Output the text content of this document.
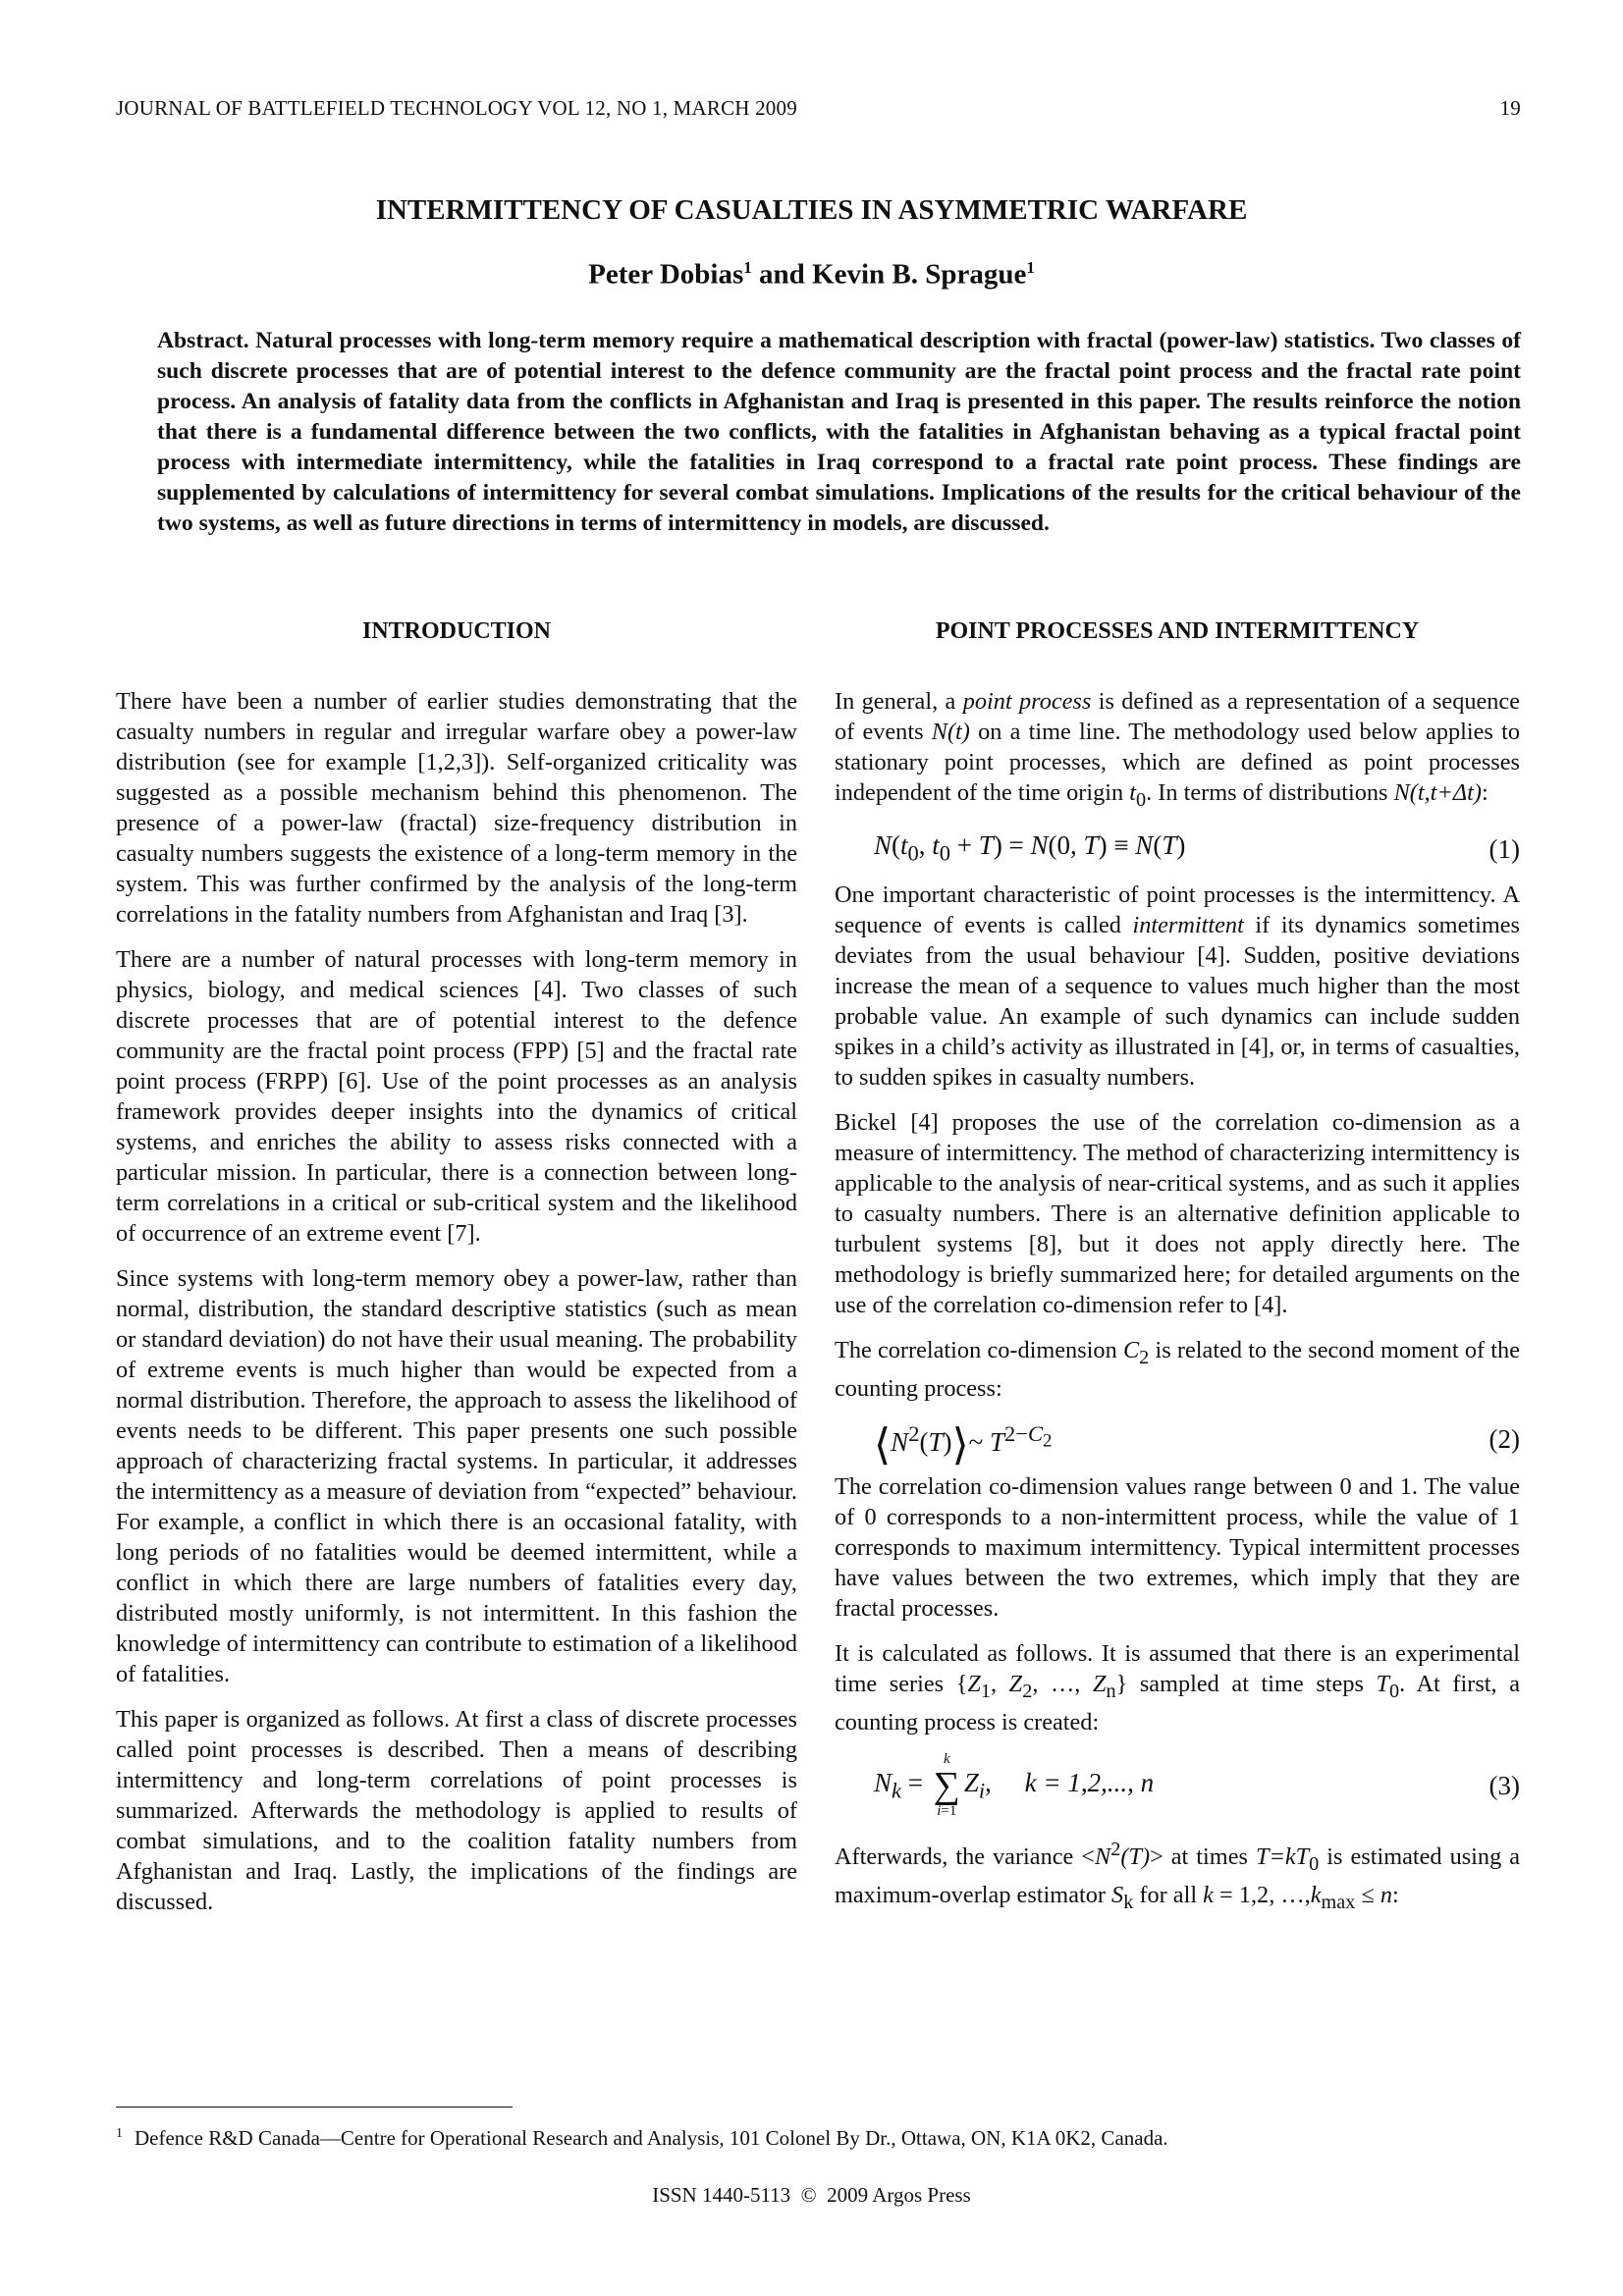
JOURNAL OF BATTLEFIELD TECHNOLOGY VOL 12, NO 1, MARCH 2009	19
INTERMITTENCY OF CASUALTIES IN ASYMMETRIC WARFARE
Peter Dobias$^1$ and Kevin B. Sprague$^1$
Abstract. Natural processes with long-term memory require a mathematical description with fractal (power-law) statistics. Two classes of such discrete processes that are of potential interest to the defence community are the fractal point process and the fractal rate point process. An analysis of fatality data from the conflicts in Afghanistan and Iraq is presented in this paper. The results reinforce the notion that there is a fundamental difference between the two conflicts, with the fatalities in Afghanistan behaving as a typical fractal point process with intermediate intermittency, while the fatalities in Iraq correspond to a fractal rate point process. These findings are supplemented by calculations of intermittency for several combat simulations. Implications of the results for the critical behaviour of the two systems, as well as future directions in terms of intermittency in models, are discussed.
INTRODUCTION

There have been a number of earlier studies demonstrating that the casualty numbers in regular and irregular warfare obey a power-law distribution (see for example [1,2,3]). Self-organized criticality was suggested as a possible mechanism behind this phenomenon. The presence of a power-law (fractal) size-frequency distribution in casualty numbers suggests the existence of a long-term memory in the system. This was further confirmed by the analysis of the long-term correlations in the fatality numbers from Afghanistan and Iraq [3].

There are a number of natural processes with long-term memory in physics, biology, and medical sciences [4]. Two classes of such discrete processes that are of potential interest to the defence community are the fractal point process (FPP) [5] and the fractal rate point process (FRPP) [6]. Use of the point processes as an analysis framework provides deeper insights into the dynamics of critical systems, and enriches the ability to assess risks connected with a particular mission. In particular, there is a connection between long-term correlations in a critical or sub-critical system and the likelihood of occurrence of an extreme event [7].

Since systems with long-term memory obey a power-law, rather than normal, distribution, the standard descriptive statistics (such as mean or standard deviation) do not have their usual meaning. The probability of extreme events is much higher than would be expected from a normal distribution. Therefore, the approach to assess the likelihood of events needs to be different. This paper presents one such possible approach of characterizing fractal systems. In particular, it addresses the intermittency as a measure of deviation from “expected” behaviour. For example, a conflict in which there is an occasional fatality, with long periods of no fatalities would be deemed intermittent, while a conflict in which there are large numbers of fatalities every day, distributed mostly uniformly, is not intermittent. In this fashion the knowledge of intermittency can contribute to estimation of a likelihood of fatalities.

This paper is organized as follows. At first a class of discrete processes called point processes is described. Then a means of describing intermittency and long-term correlations of point processes is summarized. Afterwards the methodology is applied to results of combat simulations, and to the coalition fatality numbers from Afghanistan and Iraq. Lastly, the implications of the findings are discussed.

POINT PROCESSES AND INTERMITTENCY

In general, a point process is defined as a representation of a sequence of events N(t) on a time line. The methodology used below applies to stationary point processes, which are defined as point processes independent of the time origin $t_0$. In terms of distributions N(t,t+Δt):

$N(t_0$, $t_0 + T) = N(0$, T) ≡ N(T)	(1)

One important characteristic of point processes is the intermittency. A sequence of events is called intermittent if its dynamics sometimes deviates from the usual behaviour [4]. Sudden, positive deviations increase the mean of a sequence to values much higher than the most probable value. An example of such dynamics can include sudden spikes in a child’s activity as illustrated in [4], or, in terms of casualties, to sudden spikes in casualty numbers.

Bickel [4] proposes the use of the correlation co-dimension as a measure of intermittency. The method of characterizing intermittency is applicable to the analysis of near-critical systems, and as such it applies to casualty numbers. There is an alternative definition applicable to turbulent systems [8], but it does not apply directly here. The methodology is briefly summarized here; for detailed arguments on the use of the correlation co-dimension refer to [4].

The correlation co-dimension $C_2$ is related to the second moment of the counting process:

$⟨N^2(T)⟩\sim$ $T^{2-C_2}$	(2)

The correlation co-dimension values range between 0 and 1. The value of 0 corresponds to a non-intermittent process, while the value of 1 corresponds to maximum intermittency. Typical intermittent processes have values between the two extremes, which imply that they are fractal processes.

It is calculated as follows. It is assumed that there is an experimental time series {$Z_1$, $Z_2$, …, $Z_n$} sampled at time steps $T_0$. At first, a counting process is created:

$N_k$ =
k
∑
i=1
$Z_i$,     k = 1,2,..., n	(3)

Afterwards, the variance $<N^2(T)>$ at times $T=kT_0$ is estimated using a maximum-overlap estimator $S_k$ for all k = 1,2, $\dots,k_{max} \le n$:

$^1$ Defence R&D Canada—Centre for Operational Research and Analysis, 101 Colonel By Dr., Ottawa, ON, K1A 0K2, Canada.
ISSN 1440-5113  ©  2009 Argos Press
